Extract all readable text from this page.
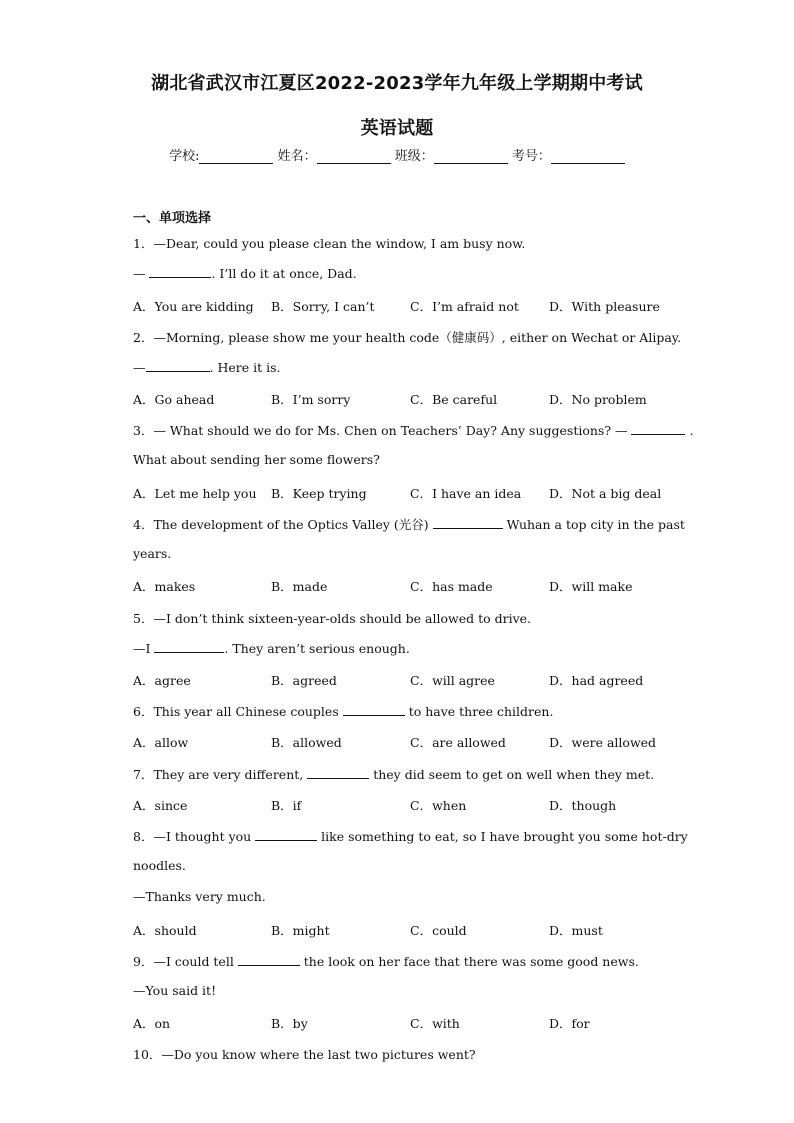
湖北省武汉市江夏区2022-2023学年九年级上学期期中考试
英语试题
学校:	姓名：	班级：	考号：
一、单项选择
1．—Dear, could you please clean the window, I am busy now.
—	. I’ll do it at once, Dad.
A．You are kidding B．Sorry, I can’t	C．I’m afraid not D．With pleasure
2．—Morning, please show me your health code（健康码）, either on Wechat or Alipay.
—	. Here it is.
A．Go ahead	B．I’m sorry	C．Be careful	D．No problem
3．— What should we do for Ms. Chen on Teachers’ Day? Any suggestions? —	.
What about sending her some flowers?
A．Let me help you B．Keep trying	C．I have an idea D．Not a big deal
4．The development of the Optics Valley (光谷)	Wuhan a top city in the past
years.
A．makes	B．made	C．has made	D．will make
5．—I don’t think sixteen-year-olds should be allowed to drive.
—I	. They aren’t serious enough.
A．agree	B．agreed	C．will agree	D．had agreed
6．This year all Chinese couples	to have three children.
A．allow	B．allowed	C．are allowed	D．were allowed
7．They are very different,	they did seem to get on well when they met.
A．since	B．if	C．when	D．though
8．—I thought you	like something to eat, so I have brought you some hot-dry
noodles.
—Thanks very much.
A．should	B．might	C．could	D．must
9．—I could tell	the look on her face that there was some good news.
—You said it!
A．on	B．by	C．with	D．for
10．—Do you know where the last two pictures went?
